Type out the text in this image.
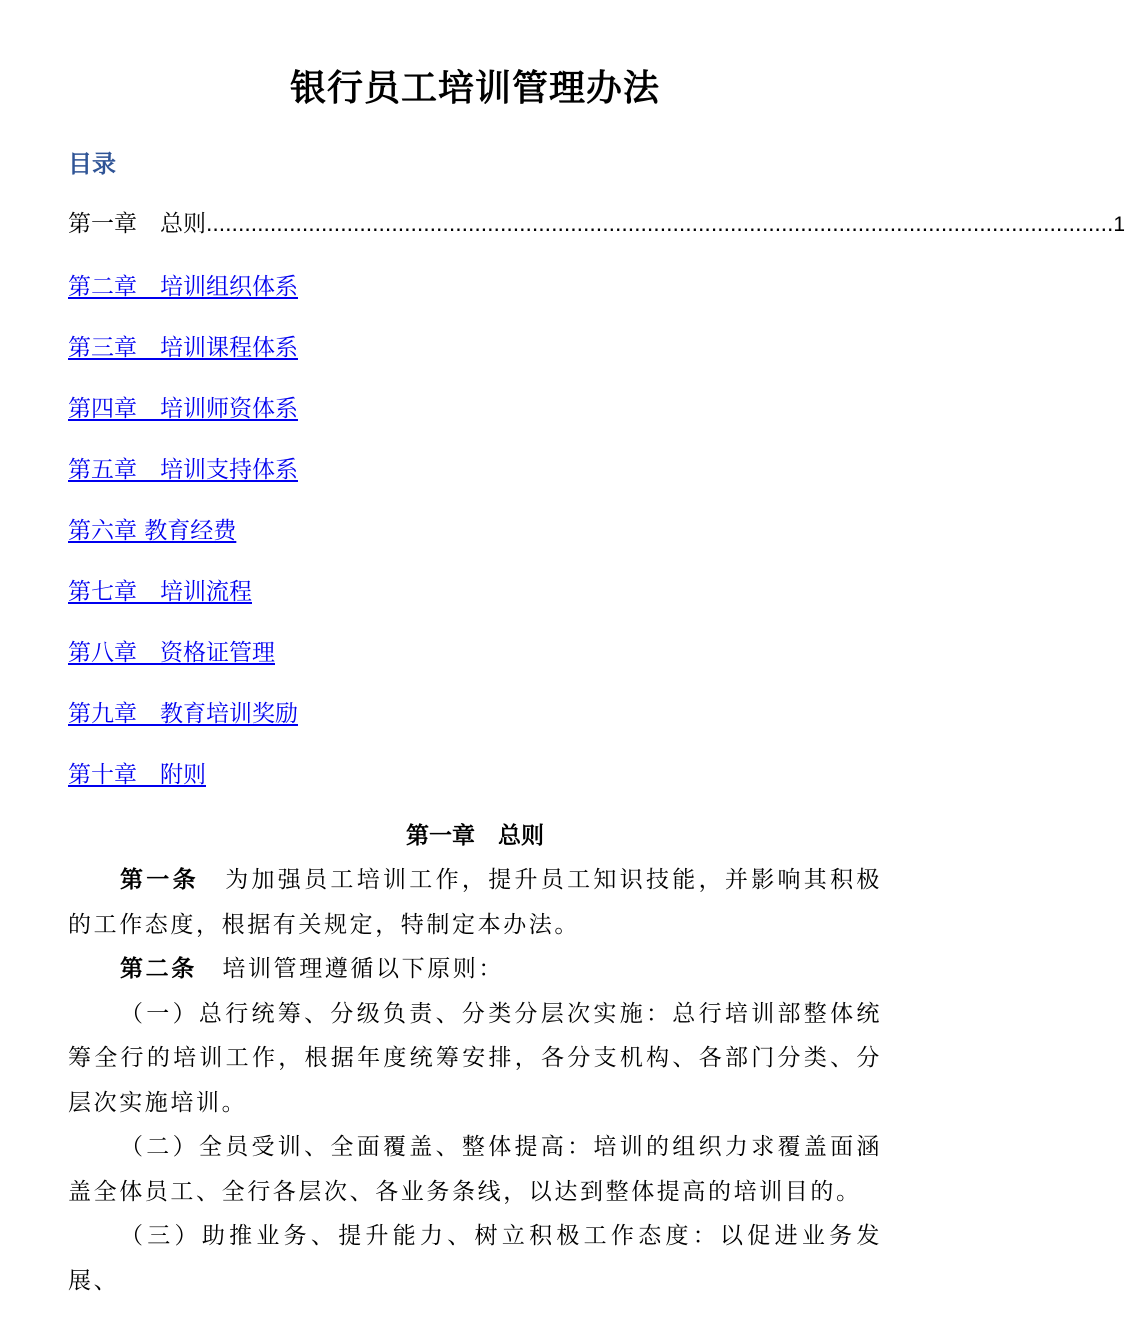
银行员工培训管理办法
目录
第一章　总则 .............................................................................................................................................. 1
第二章　培训组织体系
第三章　培训课程体系
第四章　培训师资体系
第五章　培训支持体系
第六章 教育经费
第七章　培训流程
第八章　资格证管理
第九章　教育培训奖励
第十章　附则
第一章　总则

第一条　为加强员工培训工作，提升员工知识技能，并影响其积极的工作态度，根据有关规定，特制定本办法。

第二条　培训管理遵循以下原则：

（一）总行统筹、分级负责、分类分层次实施：总行培训部整体统筹全行的培训工作，根据年度统筹安排，各分支机构、各部门分类、分层次实施培训。

（二）全员受训、全面覆盖、整体提高：培训的组织力求覆盖面涵盖全体员工、全行各层次、各业务条线，以达到整体提高的培训目的。

（三）助推业务、提升能力、树立积极工作态度：以促进业务发展、
